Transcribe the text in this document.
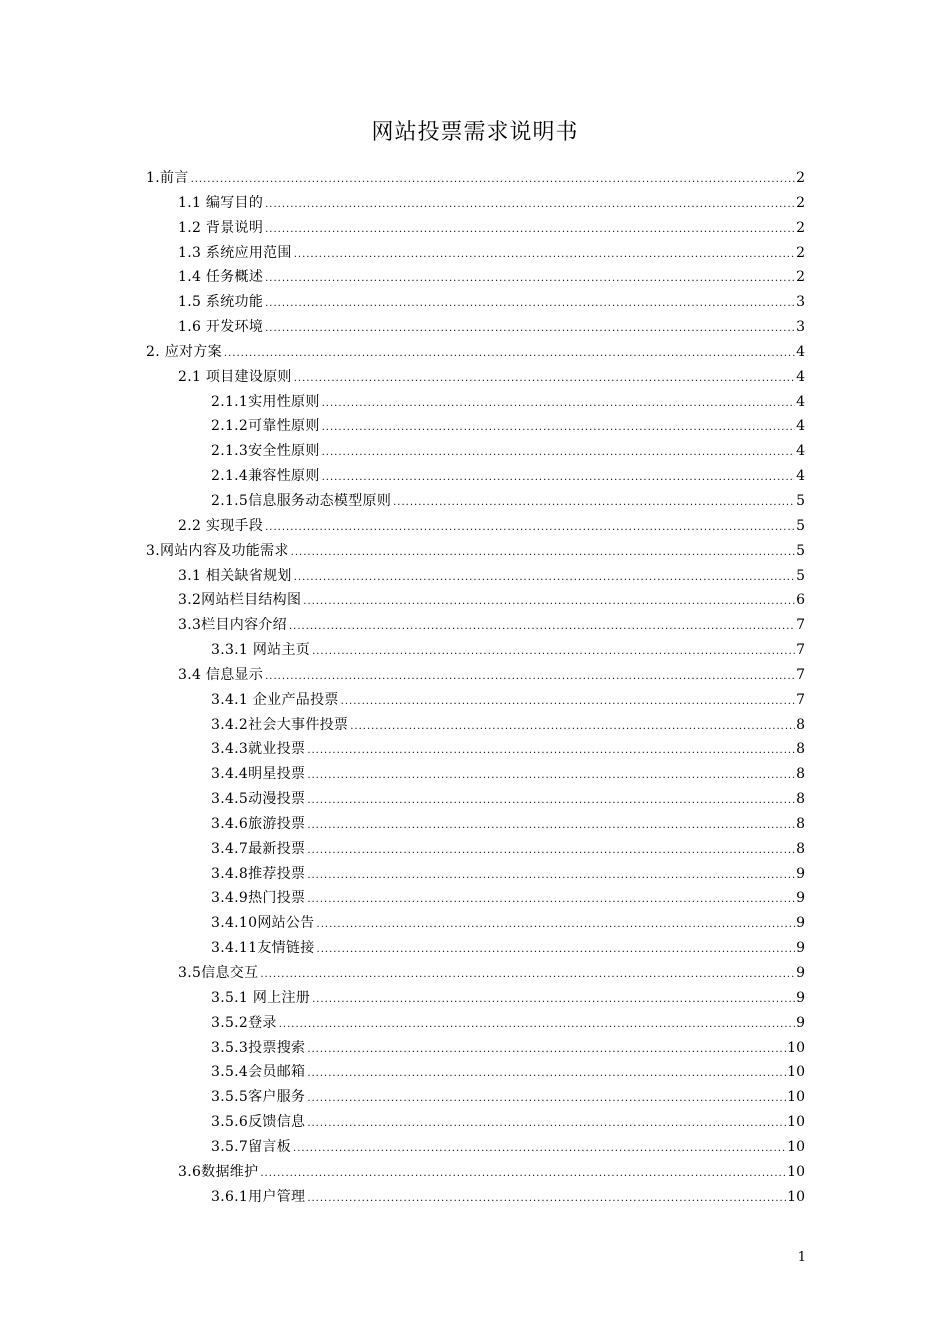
网站投票需求说明书
1.前言 .....	2
1.1 编写目的 .....	2
1.2 背景说明 .....	2
1.3 系统应用范围 .....	2
1.4 任务概述 .....	2
1.5 系统功能 .....	3
1.6 开发环境 .....	3
2. 应对方案 .....	4
2.1 项目建设原则 .....	4
2.1.1实用性原则 .....	4
2.1.2可靠性原则 .....	4
2.1.3安全性原则 .....	4
2.1.4兼容性原则 .....	4
2.1.5信息服务动态模型原则 .....	5
2.2 实现手段 .....	5
3.网站内容及功能需求 .....	5
3.1 相关缺省规划 .....	5
3.2网站栏目结构图 .....	6
3.3栏目内容介绍 .....	7
3.3.1 网站主页 .....	7
3.4 信息显示 .....	7
3.4.1 企业产品投票 .....	7
3.4.2社会大事件投票 .....	8
3.4.3就业投票 .....	8
3.4.4明星投票 .....	8
3.4.5动漫投票 .....	8
3.4.6旅游投票 .....	8
3.4.7最新投票 .....	8
3.4.8推荐投票 .....	9
3.4.9热门投票 .....	9
3.4.10网站公告 .....	9
3.4.11友情链接 .....	9
3.5信息交互 .....	9
3.5.1 网上注册 .....	9
3.5.2登录 .....	9
3.5.3投票搜索 .....	10
3.5.4会员邮箱 .....	10
3.5.5客户服务 .....	10
3.5.6反馈信息 .....	10
3.5.7留言板 .....	10
3.6数据维护 .....	10
3.6.1用户管理 .....	10
1
